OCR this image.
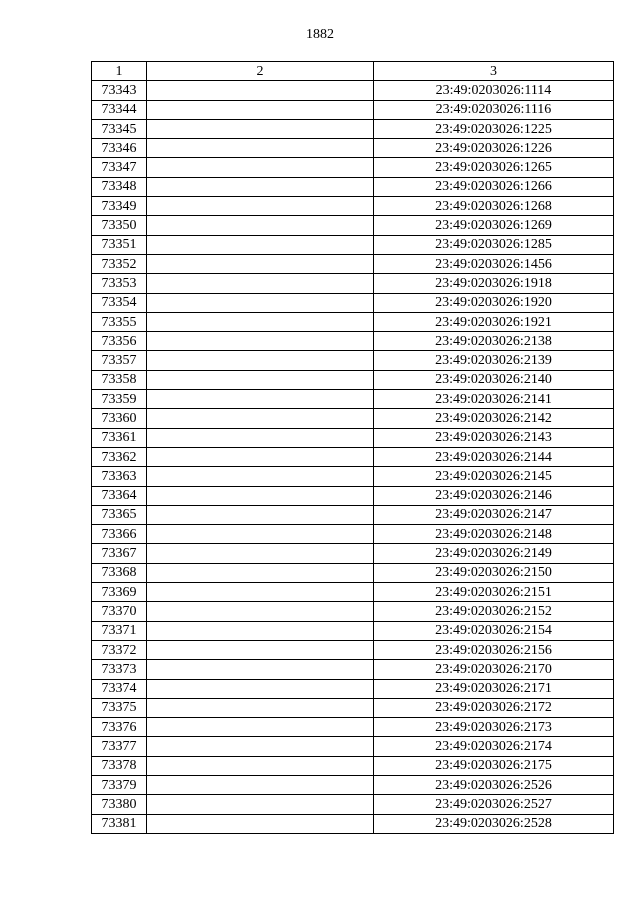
1882
1	2	3
73343		23:49:0203026:1114
73344		23:49:0203026:1116
73345		23:49:0203026:1225
73346		23:49:0203026:1226
73347		23:49:0203026:1265
73348		23:49:0203026:1266
73349		23:49:0203026:1268
73350		23:49:0203026:1269
73351		23:49:0203026:1285
73352		23:49:0203026:1456
73353		23:49:0203026:1918
73354		23:49:0203026:1920
73355		23:49:0203026:1921
73356		23:49:0203026:2138
73357		23:49:0203026:2139
73358		23:49:0203026:2140
73359		23:49:0203026:2141
73360		23:49:0203026:2142
73361		23:49:0203026:2143
73362		23:49:0203026:2144
73363		23:49:0203026:2145
73364		23:49:0203026:2146
73365		23:49:0203026:2147
73366		23:49:0203026:2148
73367		23:49:0203026:2149
73368		23:49:0203026:2150
73369		23:49:0203026:2151
73370		23:49:0203026:2152
73371		23:49:0203026:2154
73372		23:49:0203026:2156
73373		23:49:0203026:2170
73374		23:49:0203026:2171
73375		23:49:0203026:2172
73376		23:49:0203026:2173
73377		23:49:0203026:2174
73378		23:49:0203026:2175
73379		23:49:0203026:2526
73380		23:49:0203026:2527
73381		23:49:0203026:2528
